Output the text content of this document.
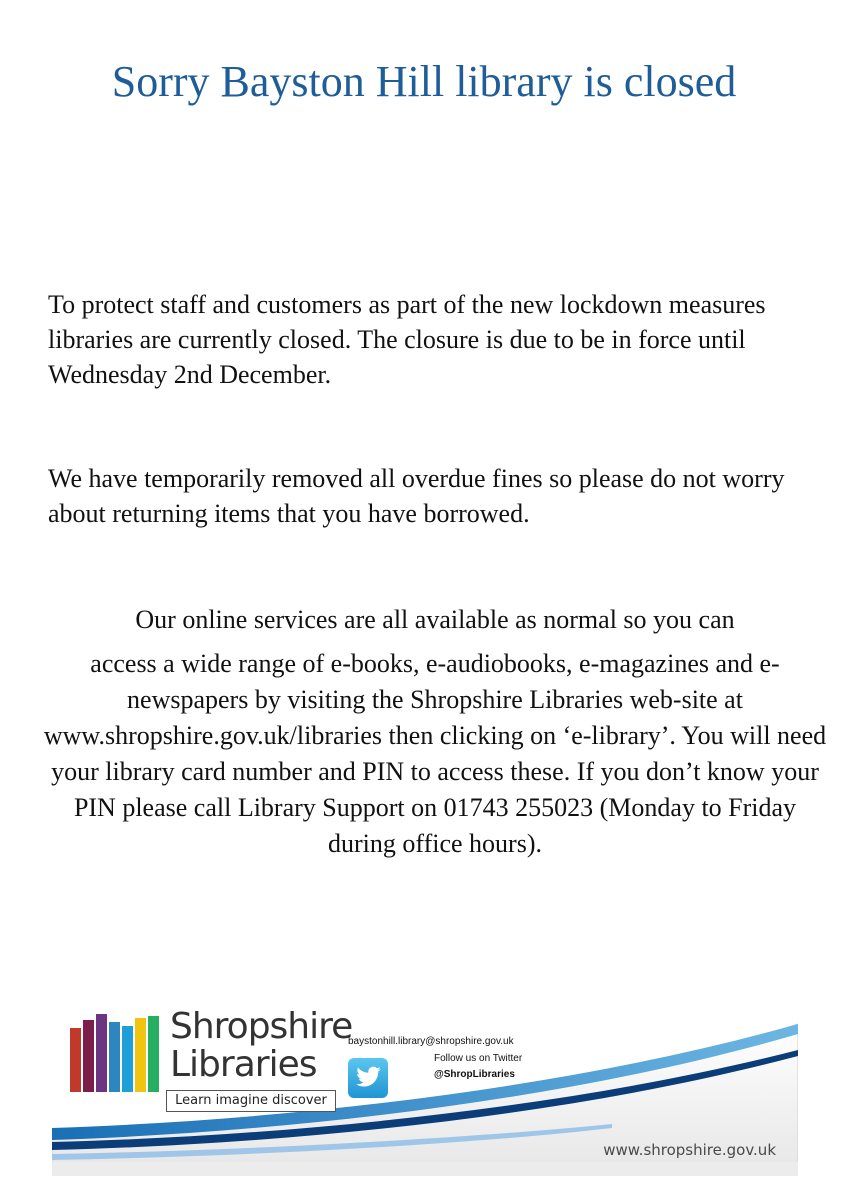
Sorry Bayston Hill library is closed

To protect staff and customers as part of the new lockdown measures libraries are currently closed. The closure is due to be in force until Wednesday 2nd December.

We have temporarily removed all overdue fines so please do not worry about returning items that you have borrowed.

Our online services are all available as normal so you can
access a wide range of e-books, e-audiobooks, e-magazines and e-newspapers by visiting the Shropshire Libraries web-site at www.shropshire.gov.uk/libraries then clicking on ‘e-library’. You will need your library card number and PIN to access these. If you don’t know your PIN please call Library Support on 01743 255023 (Monday to Friday during office hours).

Shropshire
Libraries
Learn imagine discover
baystonhill.library@shropshire.gov.uk
Follow us on Twitter
@ShropLibraries
www.shropshire.gov.uk
